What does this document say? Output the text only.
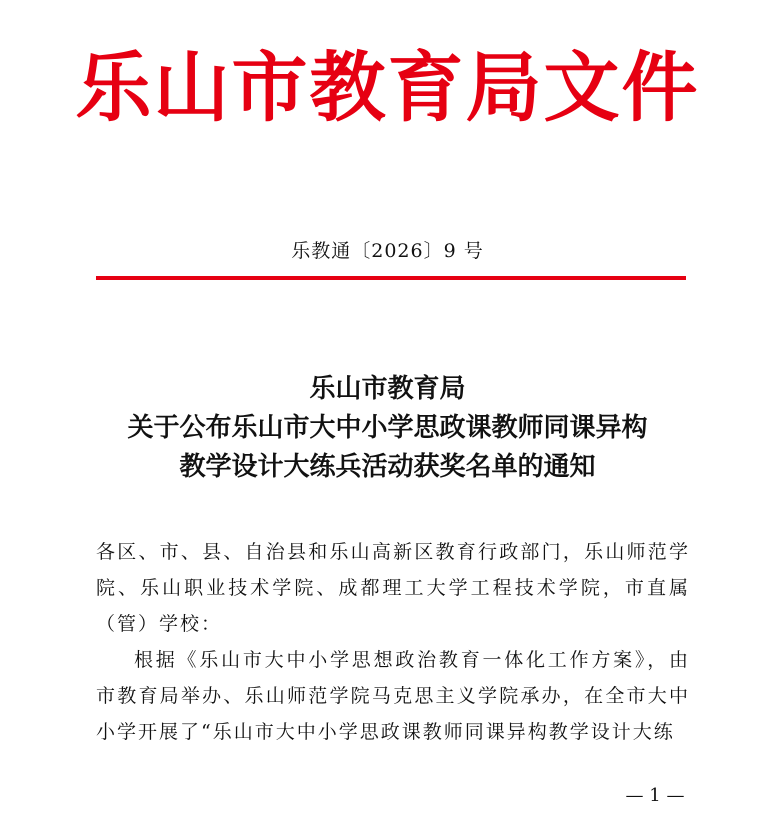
乐山市教育局文件
乐教通〔2026〕9 号
乐山市教育局
关于公布乐山市大中小学思政课教师同课异构
教学设计大练兵活动获奖名单的通知

各区、市、县、自治县和乐山高新区教育行政部门，乐山师范学院、乐山职业技术学院、成都理工大学工程技术学院，市直属（管）学校：

根据《乐山市大中小学思想政治教育一体化工作方案》，由市教育局举办、乐山师范学院马克思主义学院承办，在全市大中小学开展了“乐山市大中小学思政课教师同课异构教学设计大练

— 1 —
